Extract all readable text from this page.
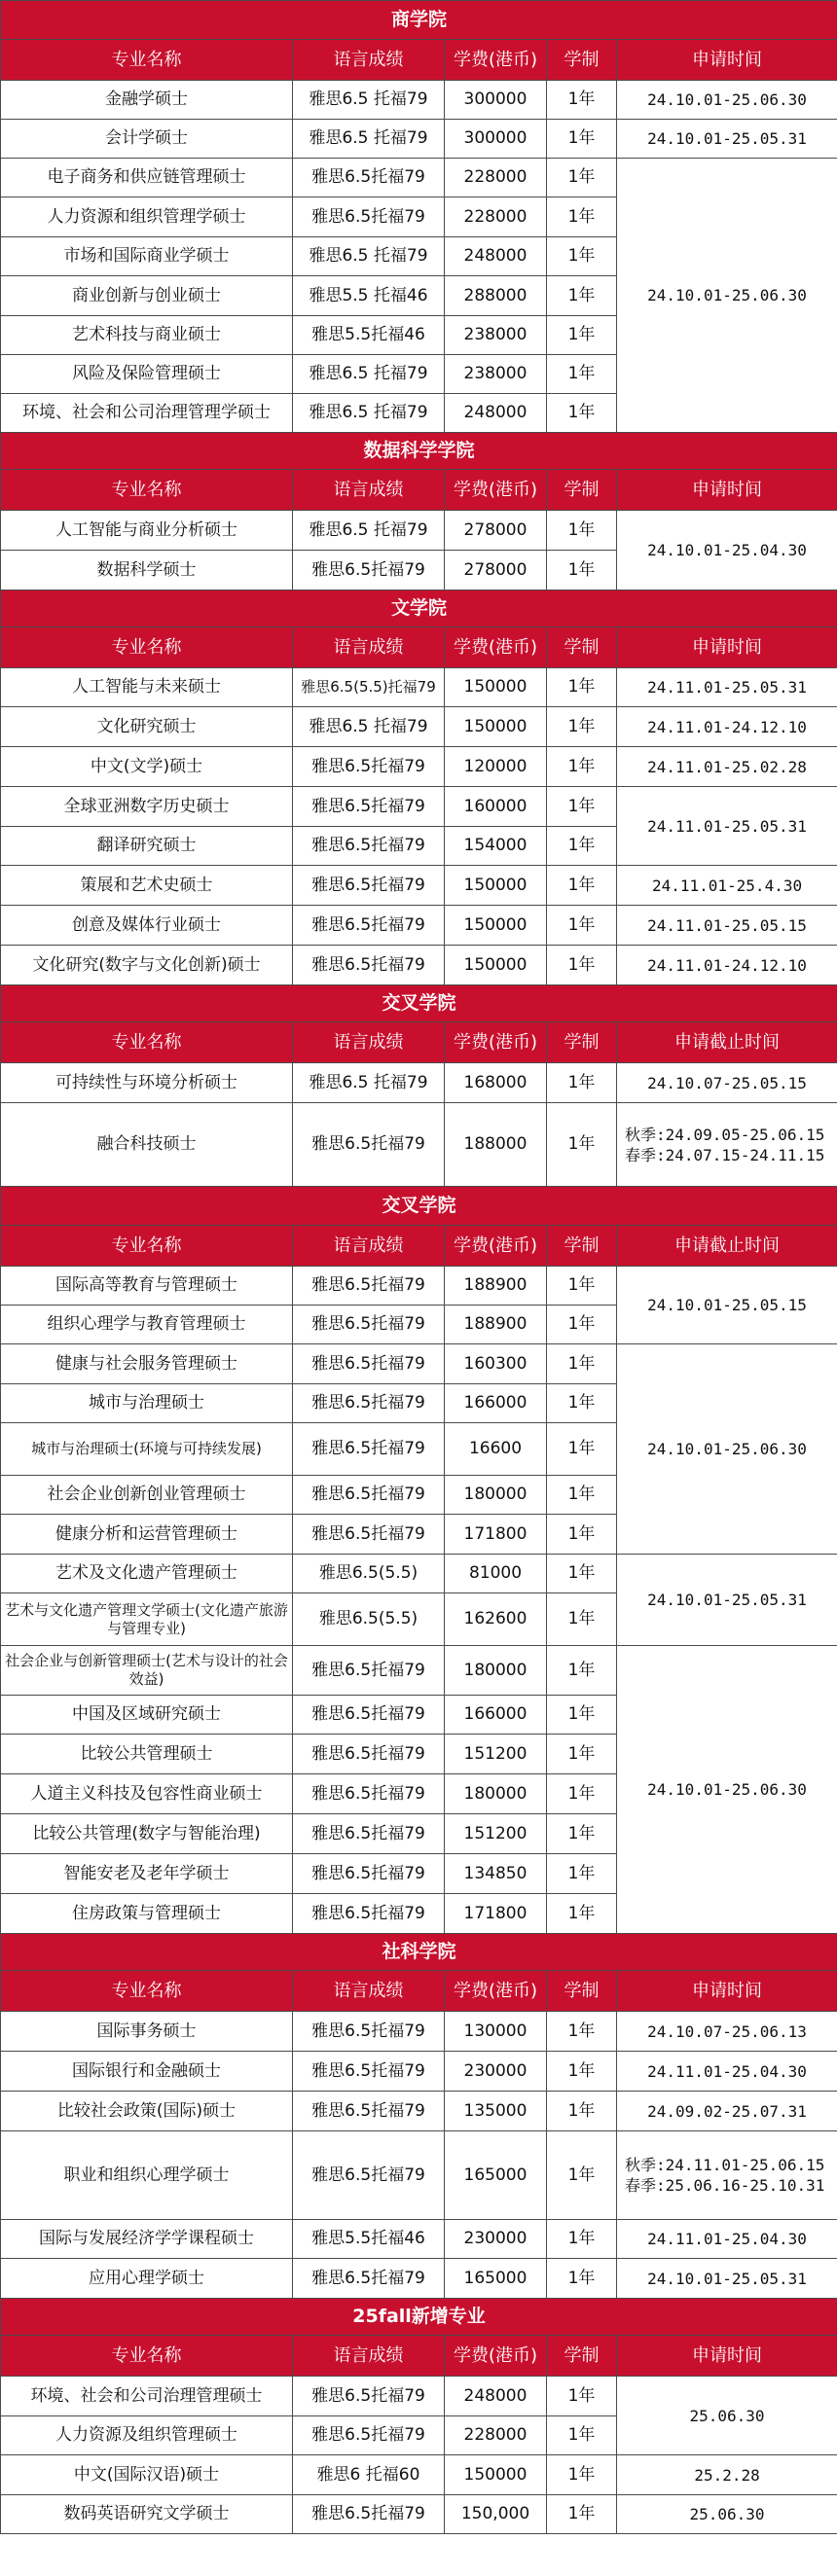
商学院				
专业名称	语言成绩	学费(港币)	学制	申请时间
金融学硕士	雅思6.5 托福79	300000	1年	24.10.01-25.06.30
会计学硕士	雅思6.5 托福79	300000	1年	24.10.01-25.05.31
电子商务和供应链管理硕士	雅思6.5托福79	228000	1年	24.10.01-25.06.30
人力资源和组织管理学硕士	雅思6.5托福79	228000	1年	
市场和国际商业学硕士	雅思6.5 托福79	248000	1年	
商业创新与创业硕士	雅思5.5 托福46	288000	1年	
艺术科技与商业硕士	雅思5.5托福46	238000	1年	
风险及保险管理硕士	雅思6.5 托福79	238000	1年	
环境、社会和公司治理管理学硕士	雅思6.5 托福79	248000	1年	
数据科学学院				
专业名称	语言成绩	学费(港币)	学制	申请时间
人工智能与商业分析硕士	雅思6.5 托福79	278000	1年	24.10.01-25.04.30
数据科学硕士	雅思6.5托福79	278000	1年	
文学院				
专业名称	语言成绩	学费(港币)	学制	申请时间
人工智能与未来硕士	雅思6.5(5.5)托福79	150000	1年	24.11.01-25.05.31
文化研究硕士	雅思6.5 托福79	150000	1年	24.11.01-24.12.10
中文(文学)硕士	雅思6.5托福79	120000	1年	24.11.01-25.02.28
全球亚洲数字历史硕士	雅思6.5托福79	160000	1年	24.11.01-25.05.31
翻译研究硕士	雅思6.5托福79	154000	1年	
策展和艺术史硕士	雅思6.5托福79	150000	1年	24.11.01-25.4.30
创意及媒体行业硕士	雅思6.5托福79	150000	1年	24.11.01-25.05.15
文化研究(数字与文化创新)硕士	雅思6.5托福79	150000	1年	24.11.01-24.12.10
交叉学院				
专业名称	语言成绩	学费(港币)	学制	申请截止时间
可持续性与环境分析硕士	雅思6.5 托福79	168000	1年	24.10.07-25.05.15
融合科技硕士	雅思6.5托福79	188000	1年	秋季:24.09.05-25.06.15
春季:24.07.15-24.11.15

交叉学院				
专业名称	语言成绩	学费(港币)	学制	申请截止时间
国际高等教育与管理硕士	雅思6.5托福79	188900	1年	24.10.01-25.05.15
组织心理学与教育管理硕士	雅思6.5托福79	188900	1年	
健康与社会服务管理硕士	雅思6.5托福79	160300	1年	24.10.01-25.06.30
城市与治理硕士	雅思6.5托福79	166000	1年	
城市与治理硕士(环境与可持续发展)	雅思6.5托福79	16600	1年	
社会企业创新创业管理硕士	雅思6.5托福79	180000	1年	
健康分析和运营管理硕士	雅思6.5托福79	171800	1年	
艺术及文化遗产管理硕士	雅思6.5(5.5)	81000	1年	24.10.01-25.05.31
艺术与文化遗产管理文学硕士(文化遗产旅游与管理专业)	雅思6.5(5.5)	162600	1年	
社会企业与创新管理硕士(艺术与设计的社会效益)	雅思6.5托福79	180000	1年	24.10.01-25.06.30
中国及区域研究硕士	雅思6.5托福79	166000	1年	
比较公共管理硕士	雅思6.5托福79	151200	1年	
人道主义科技及包容性商业硕士	雅思6.5托福79	180000	1年	
比较公共管理(数字与智能治理)	雅思6.5托福79	151200	1年	
智能安老及老年学硕士	雅思6.5托福79	134850	1年	
住房政策与管理硕士	雅思6.5托福79	171800	1年	
社科学院				
专业名称	语言成绩	学费(港币)	学制	申请时间
国际事务硕士	雅思6.5托福79	130000	1年	24.10.07-25.06.13
国际银行和金融硕士	雅思6.5托福79	230000	1年	24.11.01-25.04.30
比较社会政策(国际)硕士	雅思6.5托福79	135000	1年	24.09.02-25.07.31
职业和组织心理学硕士	雅思6.5托福79	165000	1年	秋季:24.11.01-25.06.15
春季:25.06.16-25.10.31

国际与发展经济学学课程硕士	雅思5.5托福46	230000	1年	24.11.01-25.04.30
应用心理学硕士	雅思6.5托福79	165000	1年	24.10.01-25.05.31
25fall新增专业				
专业名称	语言成绩	学费(港币)	学制	申请时间
环境、社会和公司治理管理硕士	雅思6.5托福79	248000	1年	25.06.30
人力资源及组织管理硕士	雅思6.5托福79	228000	1年	
中文(国际汉语)硕士	雅思6 托福60	150000	1年	25.2.28
数码英语研究文学硕士	雅思6.5托福79	150,000	1年	25.06.30
